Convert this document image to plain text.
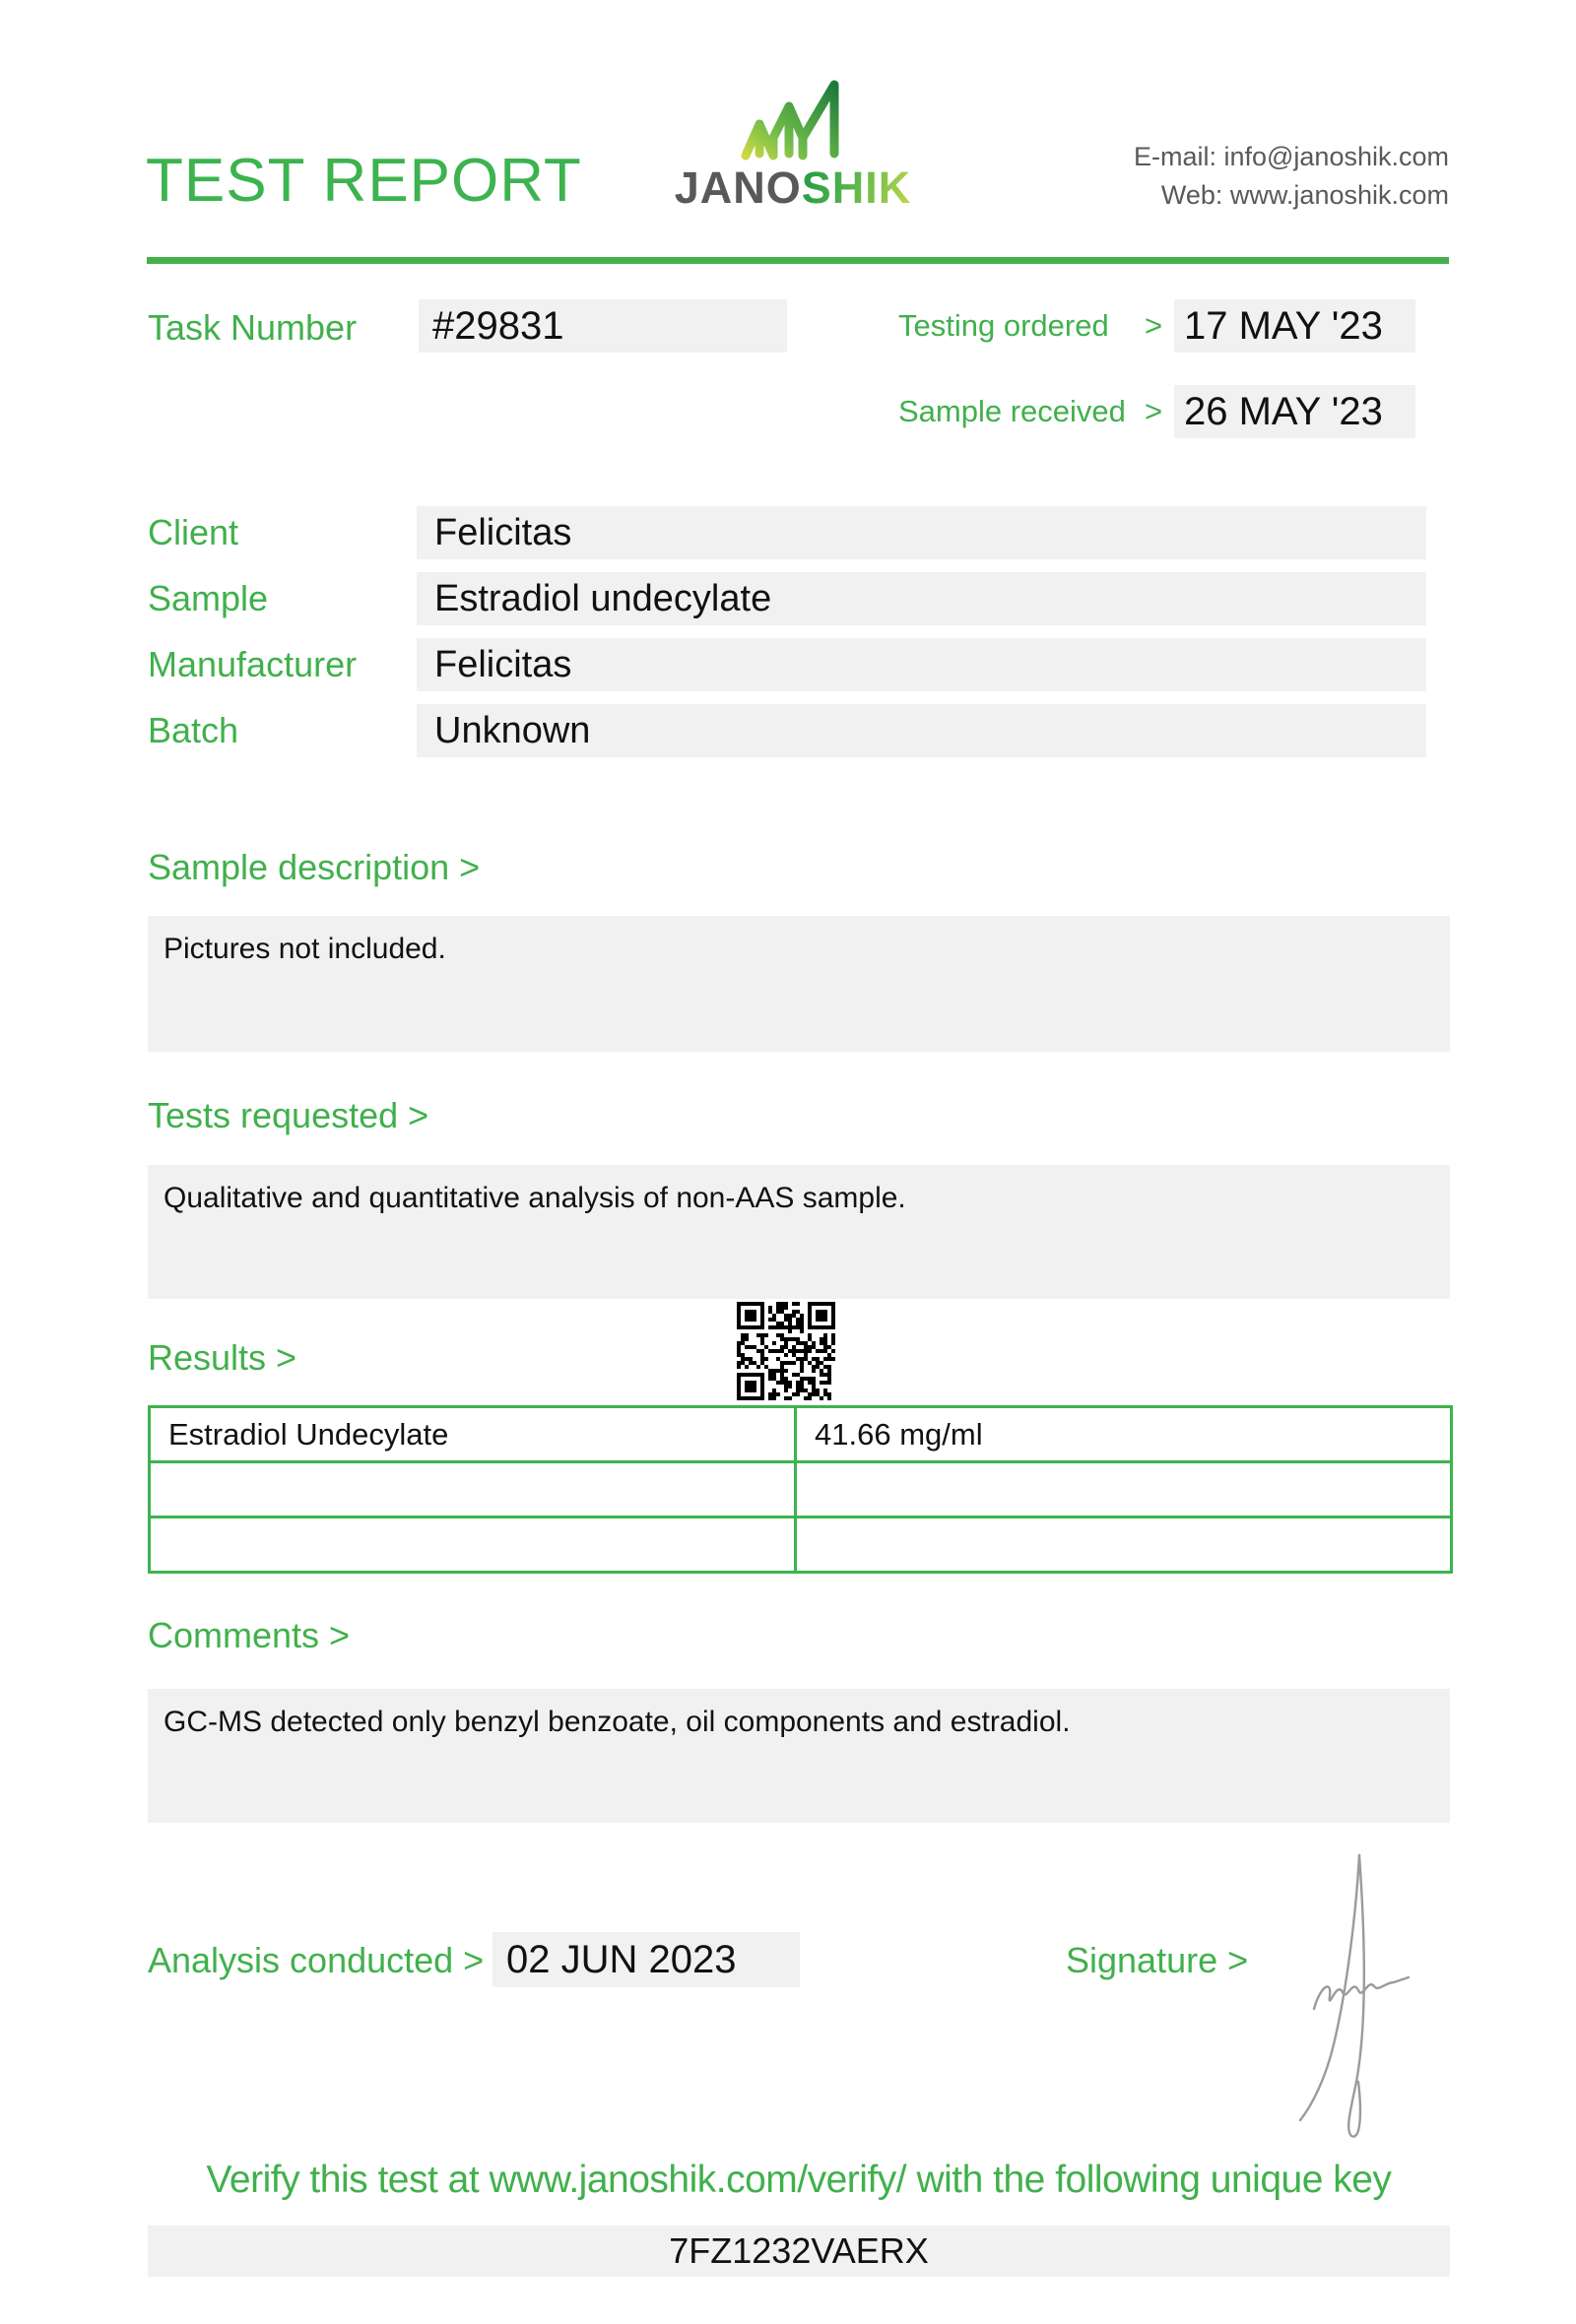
TEST REPORT	JANOSHIK
E-mail: info@janoshik.com
Web: www.janoshik.com
Task Number	#29831	Testing ordered	> 17 MAY '23
Sample received > 26 MAY '23
Client	Felicitas
Sample	Estradiol undecylate
Manufacturer	Felicitas
Batch	Unknown
Sample description >
Pictures not included.
Tests requested >
Qualitative and quantitative analysis of non-AAS sample.
Results >
Estradiol Undecylate	41.66 mg/ml
Comments >
GC-MS detected only benzyl benzoate, oil components and estradiol.
Analysis conducted > 02 JUN 2023	Signature >
Verify this test at www.janoshik.com/verify/ with the following unique key
7FZ1232VAERX
